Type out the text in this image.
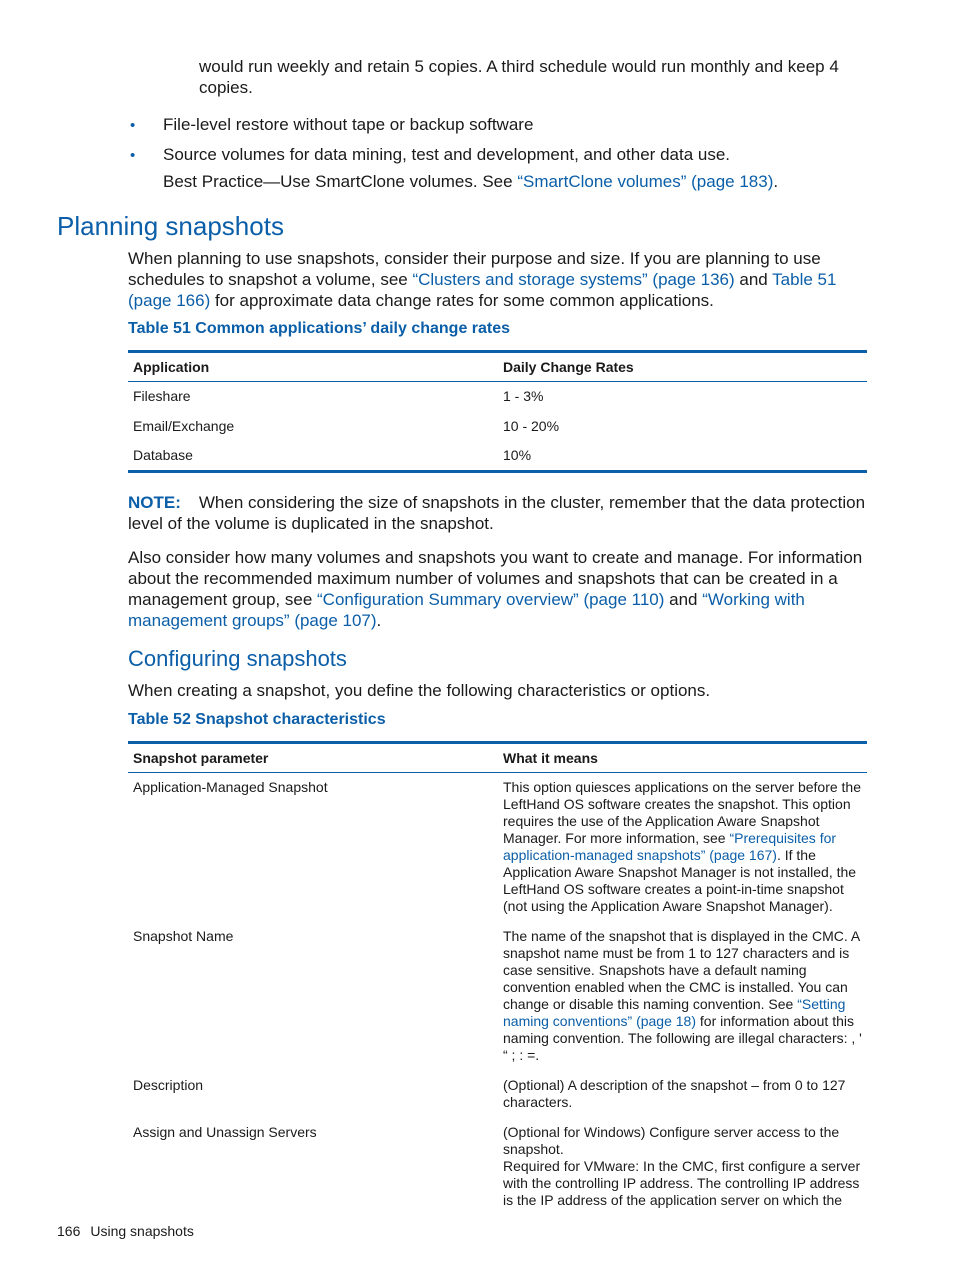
would run weekly and retain 5 copies. A third schedule would run monthly and keep 4 copies.
• File-level restore without tape or backup software
• Source volumes for data mining, test and development, and other data use.
Best Practice—Use SmartClone volumes. See “SmartClone volumes” (page 183).
Planning snapshots
When planning to use snapshots, consider their purpose and size. If you are planning to use schedules to snapshot a volume, see “Clusters and storage systems” (page 136) and Table 51 (page 166) for approximate data change rates for some common applications.
Table 51 Common applications’ daily change rates
Application	Daily Change Rates
Fileshare	1 - 3%
Email/Exchange	10 - 20%
Database	10%
NOTE: When considering the size of snapshots in the cluster, remember that the data protection level of the volume is duplicated in the snapshot.
Also consider how many volumes and snapshots you want to create and manage. For information about the recommended maximum number of volumes and snapshots that can be created in a management group, see “Configuration Summary overview” (page 110) and “Working with management groups” (page 107).
Configuring snapshots
When creating a snapshot, you define the following characteristics or options.
Table 52 Snapshot characteristics
Snapshot parameter	What it means
Application-Managed Snapshot	This option quiesces applications on the server before the LeftHand OS software creates the snapshot. This option requires the use of the Application Aware Snapshot Manager. For more information, see “Prerequisites for application-managed snapshots” (page 167). If the Application Aware Snapshot Manager is not installed, the LeftHand OS software creates a point-in-time snapshot (not using the Application Aware Snapshot Manager).
Snapshot Name	The name of the snapshot that is displayed in the CMC. A snapshot name must be from 1 to 127 characters and is case sensitive. Snapshots have a default naming convention enabled when the CMC is installed. You can change or disable this naming convention. See “Setting naming conventions” (page 18) for information about this naming convention. The following are illegal characters: , ' “ ; : =.
Description	(Optional) A description of the snapshot – from 0 to 127 characters.
Assign and Unassign Servers	(Optional for Windows) Configure server access to the snapshot.
Required for VMware: In the CMC, first configure a server with the controlling IP address. The controlling IP address is the IP address of the application server on which the
166 Using snapshots
